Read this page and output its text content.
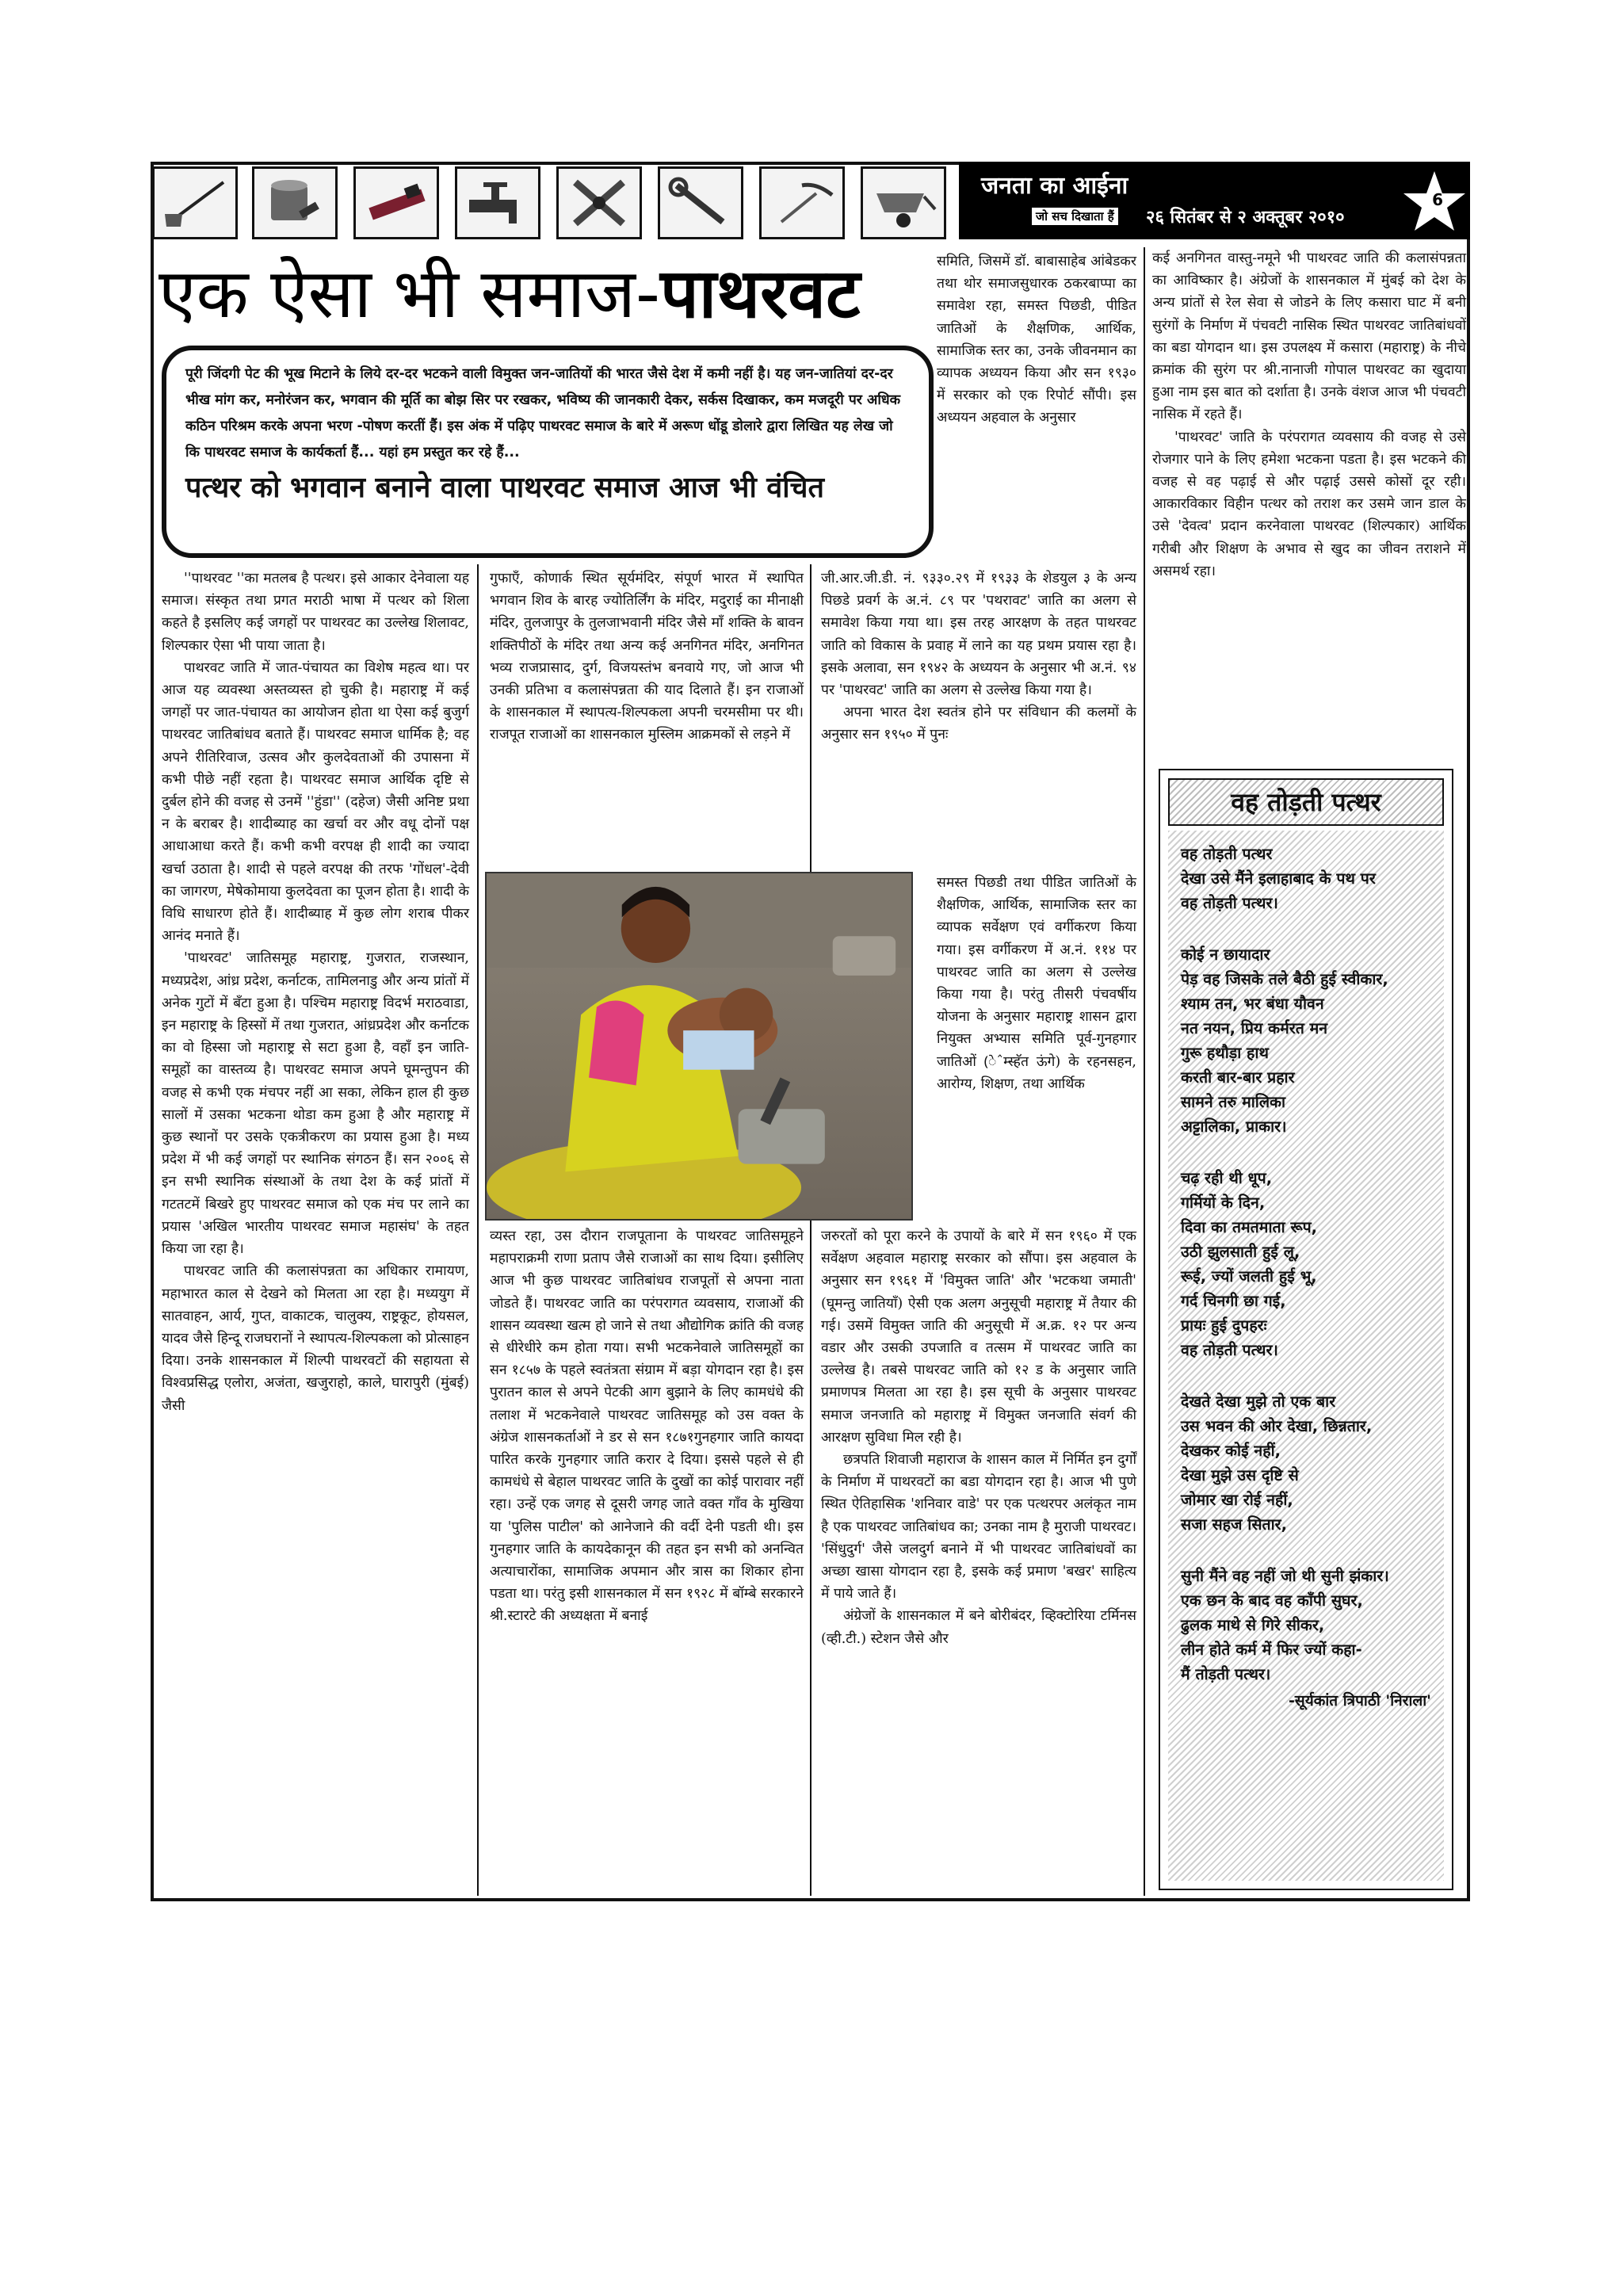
जनता का आईना
जो सच दिखाता हैं २६ सितंबर से २ अक्तूबर २०१०
6
एक ऐसा भी समाज-पाथरवट

पूरी जिंदगी पेट की भूख मिटाने के लिये दर-दर भटकने वाली विमुक्त जन-जातियों की भारत जैसे देश में कमी नहीं है। यह जन-जातियां दर-दर भीख मांग कर, मनोरंजन कर, भगवान की मूर्ति का बोझ सिर पर रखकर, भविष्य की जानकारी देकर, सर्कस दिखाकर, कम मजदूरी पर अधिक कठिन परिश्रम करके अपना भरण -पोषण करतीं हैं। इस अंक में पढ़िए पाथरवट समाज के बारे में अरूण धोंडू डोलारे द्वारा लिखित यह लेख जो कि पाथरवट समाज के कार्यकर्ता हैं... यहां हम प्रस्तुत कर रहे हैं...

पत्थर को भगवान बनाने वाला पाथरवट समाज आज भी वंचित

''पाथरवट ''का मतलब है पत्थर। इसे आकार देनेवाला यह समाज। संस्कृत तथा प्रगत मराठी भाषा में पत्थर को शिला कहते है इसलिए कई जगहों पर पाथरवट का उल्लेख शिलावट, शिल्पकार ऐसा भी पाया जाता है।

पाथरवट जाति में जात-पंचायत का विशेष महत्व था। पर आज यह व्यवस्था अस्तव्यस्त हो चुकी है। महाराष्ट्र में कई जगहों पर जात-पंचायत का आयोजन होता था ऐसा कई बुजुर्ग पाथरवट जातिबांधव बताते हैं। पाथरवट समाज धार्मिक है; वह अपने रीतिरिवाज, उत्सव और कुलदेवताओं की उपासना में कभी पीछे नहीं रहता है। पाथरवट समाज आर्थिक दृष्टि से दुर्बल होने की वजह से उनमें ''हुंडा'' (दहेज) जैसी अनिष्ट प्रथा न के बराबर है। शादीब्याह का खर्चा वर और वधू दोनों पक्ष आधाआधा करते हैं। कभी कभी वरपक्ष ही शादी का ज्यादा खर्चा उठाता है। शादी से पहले वरपक्ष की तरफ 'गोंधल'-देवी का जागरण, मेषेकोमाया कुलदेवता का पूजन होता है। शादी के विधि साधारण होते हैं। शादीब्याह में कुछ लोग शराब पीकर आनंद मनाते हैं।

'पाथरवट' जातिसमूह महाराष्ट्र, गुजरात, राजस्थान, मध्यप्रदेश, आंध्र प्रदेश, कर्नाटक, तामिलनाडु और अन्य प्रांतों में अनेक गुटों में बँटा हुआ है। पश्चिम महाराष्ट्र विदर्भ मराठवाडा, इन महाराष्ट्र के हिस्सों में तथा गुजरात, आंध्रप्रदेश और कर्नाटक का वो हिस्सा जो महाराष्ट्र से सटा हुआ है, वहाँ इन जाति-समूहों का वास्तव्य है। पाथरवट समाज अपने घूमन्तुपन की वजह से कभी एक मंचपर नहीं आ सका, लेकिन हाल ही कुछ सालों में उसका भटकना थोडा कम हुआ है और महाराष्ट्र में कुछ स्थानों पर उसके एकत्रीकरण का प्रयास हुआ है। मध्य प्रदेश में भी कई जगहों पर स्थानिक संगठन हैं। सन २००६ से इन सभी स्थानिक संस्थाओं के तथा देश के कई प्रांतों में गटतटमें बिखरे हुए पाथरवट समाज को एक मंच पर लाने का प्रयास 'अखिल भारतीय पाथरवट समाज महासंघ' के तहत किया जा रहा है।

पाथरवट जाति की कलासंपन्नता का अधिकार रामायण, महाभारत काल से देखने को मिलता आ रहा है। मध्ययुग में सातवाहन, आर्य, गुप्त, वाकाटक, चालुक्य, राष्ट्रकूट, होयसल, यादव जैसे हिन्दू राजघरानों ने स्थापत्य-शिल्पकला को प्रोत्साहन दिया। उनके शासनकाल में शिल्पी पाथरवटों की सहायता से विश्वप्रसिद्ध एलोरा, अजंता, खजुराहो, काले, घारापुरी (मुंबई) जैसी

गुफाएँ, कोणार्क स्थित सूर्यमंदिर, संपूर्ण भारत में स्थापित भगवान शिव के बारह ज्योतिर्लिंग के मंदिर, मदुराई का मीनाक्षी मंदिर, तुलजापुर के तुलजाभवानी मंदिर जैसे माँ शक्ति के बावन शक्तिपीठों के मंदिर तथा अन्य कई अनगिनत मंदिर, अनगिनत भव्य राजप्रासाद, दुर्ग, विजयस्तंभ बनवाये गए, जो आज भी उनकी प्रतिभा व कलासंपन्नता की याद दिलाते हैं। इन राजाओं के शासनकाल में स्थापत्य-शिल्पकला अपनी चरमसीमा पर थी। राजपूत राजाओं का शासनकाल मुस्लिम आक्रमकों से लड़ने में

व्यस्त रहा, उस दौरान राजपूताना के पाथरवट जातिसमूहने महापराक्रमी राणा प्रताप जैसे राजाओं का साथ दिया। इसीलिए आज भी कुछ पाथरवट जातिबांधव राजपूतों से अपना नाता जोडते हैं। पाथरवट जाति का परंपरागत व्यवसाय, राजाओं की शासन व्यवस्था खत्म हो जाने से तथा औद्योगिक क्रांति की वजह से धीरेधीरे कम होता गया। सभी भटकनेवाले जातिसमूहों का सन १८५७ के पहले स्वतंत्रता संग्राम में बड़ा योगदान रहा है। इस पुरातन काल से अपने पेटकी आग बुझाने के लिए कामधंधे की तलाश में भटकनेवाले पाथरवट जातिसमूह को उस वक्त के अंग्रेज शासनकर्ताओं ने डर से सन १८७१गुनहगार जाति कायदा पारित करके गुनहगार जाति करार दे दिया। इससे पहले से ही कामधंधे से बेहाल पाथरवट जाति के दुखों का कोई पारावार नहीं रहा। उन्हें एक जगह से दूसरी जगह जाते वक्त गाँव के मुखिया या 'पुलिस पाटील' को आनेजाने की वर्दी देनी पडती थी। इस गुनहगार जाति के कायदेकानून की तहत इन सभी को अनन्वित अत्याचारोंका, सामाजिक अपमान और त्रास का शिकार होना पडता था। परंतु इसी शासनकाल में सन १९२८ में बॉम्बे सरकारने श्री.स्टारटे की अध्यक्षता में बनाई

समिति, जिसमें डॉ. बाबासाहेब आंबेडकर तथा थोर समाजसुधारक ठकरबाप्पा का समावेश रहा, समस्त पिछडी, पीडित जातिओं के शैक्षणिक, आर्थिक, सामाजिक स्तर का, उनके जीवनमान का व्यापक अध्ययन किया और सन १९३० में सरकार को एक रिपोर्ट सौंपी। इस अध्ययन अहवाल के अनुसार

जी.आर.जी.डी. नं. ९३३०.२९ में १९३३ के शेडयुल ३ के अन्य पिछडे प्रवर्ग के अ.नं. ८९ पर 'पथरावट' जाति का अलग से समावेश किया गया था। इस तरह आरक्षण के तहत पाथरवट जाति को विकास के प्रवाह में लाने का यह प्रथम प्रयास रहा है। इसके अलावा, सन १९४२ के अध्ययन के अनुसार भी अ.नं. ९४ पर 'पाथरवट' जाति का अलग से उल्लेख किया गया है।

अपना भारत देश स्वतंत्र होने पर संविधान की कलमों के अनुसार सन १९५० में पुनः

समस्त पिछडी तथा पीडित जातिओं के शैक्षणिक, आर्थिक, सामाजिक स्तर का व्यापक सर्वेक्षण एवं वर्गीकरण किया गया। इस वर्गीकरण में अ.नं. ११४ पर पाथरवट जाति का अलग से उल्लेख किया गया है। परंतु तीसरी पंचवर्षीय योजना के अनुसार महाराष्ट्र शासन द्वारा नियुक्त अभ्यास समिति पूर्व-गुनहगार जातिओं (ेˆम्स्हॅत ऊंगे) के रहनसहन, आरोग्य, शिक्षण, तथा आर्थिक

जरुरतों को पूरा करने के उपायों के बारे में सन १९६० में एक सर्वेक्षण अहवाल महाराष्ट्र सरकार को सौंपा। इस अहवाल के अनुसार सन १९६१ में 'विमुक्त जाति' और 'भटकथा जमाती' (घूमन्तु जातियाँ) ऐसी एक अलग अनुसूची महाराष्ट्र में तैयार की गई। उसमें विमुक्त जाति की अनुसूची में अ.क्र. १२ पर अन्य वडार और उसकी उपजाति व तत्सम में पाथरवट जाति का उल्लेख है। तबसे पाथरवट जाति को १२ ड के अनुसार जाति प्रमाणपत्र मिलता आ रहा है। इस सूची के अनुसार पाथरवट समाज जनजाति को महाराष्ट्र में विमुक्त जनजाति संवर्ग की आरक्षण सुविधा मिल रही है।

छत्रपति शिवाजी महाराज के शासन काल में निर्मित इन दुर्गों के निर्माण में पाथरवटों का बडा योगदान रहा है। आज भी पुणे स्थित ऐतिहासिक 'शनिवार वाडे' पर एक पत्थरपर अलंकृत नाम है एक पाथरवट जातिबांधव का; उनका नाम है मुराजी पाथरवट। 'सिंधुदुर्ग' जैसे जलदुर्ग बनाने में भी पाथरवट जातिबांधवों का अच्छा खासा योगदान रहा है, इसके कई प्रमाण 'बखर' साहित्य में पाये जाते हैं।

अंग्रेजों के शासनकाल में बने बोरीबंदर, व्हिक्टोरिया टर्मिनस (व्ही.टी.) स्टेशन जैसे और

कई अनगिनत वास्तु-नमूने भी पाथरवट जाति की कलासंपन्नता का आविष्कार है। अंग्रेजों के शासनकाल में मुंबई को देश के अन्य प्रांतों से रेल सेवा से जोडने के लिए कसारा घाट में बनी सुरंगों के निर्माण में पंचवटी नासिक स्थित पाथरवट जातिबांधवों का बडा योगदान था। इस उपलक्ष्य में कसारा (महाराष्ट्र) के नीचे क्रमांक की सुरंग पर श्री.नानाजी गोपाल पाथरवट का खुदाया हुआ नाम इस बात को दर्शाता है। उनके वंशज आज भी पंचवटी नासिक में रहते हैं।

'पाथरवट' जाति के परंपरागत व्यवसाय की वजह से उसे रोजगार पाने के लिए हमेशा भटकना पडता है। इस भटकने की वजह से वह पढ़ाई से और पढ़ाई उससे कोसों दूर रही। आकारविकार विहीन पत्थर को तराश कर उसमे जान डाल के उसे 'देवत्व' प्रदान करनेवाला पाथरवट (शिल्पकार) आर्थिक गरीबी और शिक्षण के अभाव से खुद का जीवन तराशने में असमर्थ रहा।

वह तोड़ती पत्थर

वह तोड़ती पत्थर
देखा उसे मैंने इलाहाबाद के पथ पर
वह तोड़ती पत्थर।

कोई न छायादार
पेड़ वह जिसके तले बैठी हुई स्वीकार,
श्याम तन, भर बंधा यौवन
नत नयन, प्रिय कर्मरत मन
गुरू हथौड़ा हाथ
करती बार-बार प्रहार
सामने तरु मालिका
अट्टालिका, प्राकार।

चढ़ रही थी धूप,
गर्मियों के दिन,
दिवा का तमतमाता रूप,
उठी झुलसाती हुई लू,
रूई, ज्यों जलती हुई भू,
गर्द चिनगी छा गई,
प्रायः हुई दुपहरः
वह तोड़ती पत्थर।

देखते देखा मुझे तो एक बार
उस भवन की ओर देखा, छिन्नतार,
देखकर कोई नहीं,
देखा मुझे उस दृष्टि से
जोमार खा रोई नहीं,
सजा सहज सितार,

सुनी मैंने वह नहीं जो थी सुनी झंकार।
एक छन के बाद वह काँपी सुघर,
ढुलक माथे से गिरे सीकर,
लीन होते कर्म में फिर ज्यों कहा-
मैं तोड़ती पत्थर।

-सूर्यकांत त्रिपाठी 'निराला'
